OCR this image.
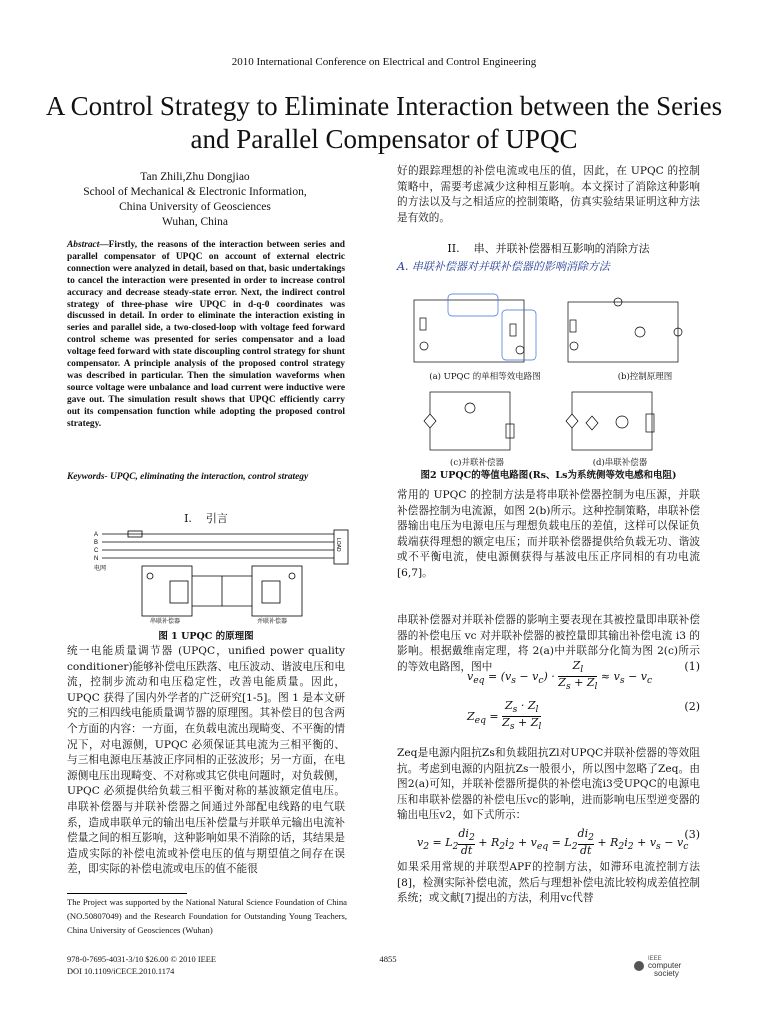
2010 International Conference on Electrical and Control Engineering
A Control Strategy to Eliminate Interaction between the Series and Parallel Compensator of UPQC
Tan Zhili,Zhu Dongjiao
School of Mechanical & Electronic Information,
China University of Geosciences
Wuhan, China
Abstract—Firstly, the reasons of the interaction between series and parallel compensator of UPQC on account of external electric connection were analyzed in detail, based on that, basic undertakings to cancel the interaction were presented in order to increase control accuracy and decrease steady-state error. Next, the indirect control strategy of three-phase wire UPQC in d-q-0 coordinates was discussed in detail. In order to eliminate the interaction existing in series and parallel side, a two-closed-loop with voltage feed forward control scheme was presented for series compensator and a load voltage feed forward with state discoupling control strategy for shunt compensator. A principle analysis of the proposed control strategy was described in particular. Then the simulation waveforms when source voltage were unbalance and load current were inductive were gave out. The simulation result shows that UPQC efficiently carry out its compensation function while adopting the proposed control strategy.
Keywords- UPQC, eliminating the interaction, control strategy
I. 引言
A
B
C
N
电网
LOAD
串联补偿器	并联补偿器
图 1 UPQC 的原理图
统一电能质量调节器 (UPQC，unified power quality conditioner)能够补偿电压跌落、电压波动、谐波电压和电流，控制步流动和电压稳定性，改善电能质量。因此，UPQC 获得了国内外学者的广泛研究[1-5]。图 1 是本文研究的三相四线电能质量调节器的原理图。其补偿目的包含两个方面的内容：一方面，在负载电流出现畸变、不平衡的情况下，对电源侧，UPQC 必须保证其电流为三相平衡的、与三相电源电压基波正序同相的正弦波形；另一方面，在电源侧电压出现畸变、不对称或其它供电问题时，对负载侧，UPQC 必须提供给负载三相平衡对称的基波额定值电压。串联补偿器与并联补偿器之间通过外部配电线路的电气联系，造成串联单元的输出电压补偿量与并联单元输出电流补偿量之间的相互影响，这种影响如果不消除的话，其结果是造成实际的补偿电流或补偿电压的值与期望值之间存在误差，即实际的补偿电流或电压的值不能很
The Project was supported by the National Natural Science Foundation of China (NO.50807049) and the Research Foundation for Outstanding Young Teachers, China University of Geosciences (Wuhan)
978-0-7695-4031-3/10 $26.00 © 2010 IEEE
DOI 10.1109/iCECE.2010.1174
4855	IEEE
computer
society
好的跟踪理想的补偿电流或电压的值，因此，在 UPQC 的控制策略中，需要考虑减少这种相互影响。本文探讨了消除这种影响的方法以及与之相适应的控制策略，仿真实验结果证明这种方法是有效的。
II. 串、并联补偿器相互影响的消除方法
A. 串联补偿器对并联补偿器的影响消除方法
(a) UPQC 的单相等效电路图	(b)控制原理图
(c)并联补偿器	(d)串联补偿器
图2 UPQC的等值电路图(Rs、Ls为系统侧等效电感和电阻)
常用的 UPQC 的控制方法是将串联补偿器控制为电压源，并联补偿器控制为电流源，如图 2(b)所示。这种控制策略，串联补偿器输出电压为电源电压与理想负载电压的差值，这样可以保证负载端获得理想的额定电压；而并联补偿器提供给负载无功、谐波或不平衡电流，使电源侧获得与基波电压正序同相的有功电流[6,7]。
串联补偿器对并联补偿器的影响主要表现在其被控量即串联补偿器的补偿电压 vc 对并联补偿器的被控量即其输出补偿电流 i3 的影响。根据戴维南定理，将 2(a)中并联部分化简为图 2(c)所示的等效电路图，图中
$v_{eq} = (v_s - v_c) \cdot \frac{Z_l}{Z_s + Z_l} \approx v_s - v_c$
(1)
$Z_{eq} = \frac{Z_s \cdot Z_l}{Z_s + Z_l}$	(2)
Zeq是电源内阻抗Zs和负载阻抗Zl对UPQC并联补偿器的等效阻抗。考虑到电源的内阻抗Zs一般很小，所以图中忽略了Zeq。由图2(a)可知，并联补偿器所提供的补偿电流i3受UPQC的电源电压和串联补偿器的补偿电压vc的影响，进而影响电压型逆变器的输出电压v2，如下式所示：
$v_2 = L_2 \frac{di_2}{dt} + R_2i_2 + v_{eq} = L_2 \frac{di_2}{dt} + R_2i_2 + v_s - v_c$
(3)
如果采用常规的并联型APF的控制方法，如滞环电流控制方法[8]，检测实际补偿电流，然后与理想补偿电流比较构成差值控制系统；或文献[7]提出的方法，利用vc代替
